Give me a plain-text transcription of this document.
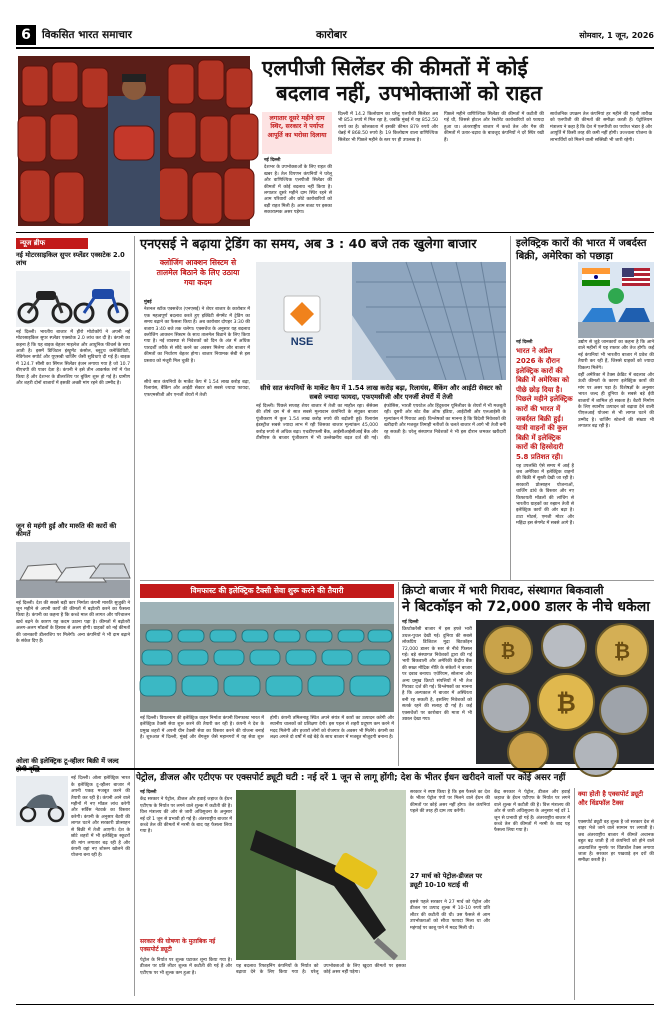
6	विकसित भारत समाचार	कारोबार	सोमवार, 1 जून, 2026
एलपीजी सिलेंडर की कीमतों में कोई
बदलाव नहीं, उपभोक्ताओं को राहत
लगातार दूसरे महीने दाम स्थिर, सरकार ने पर्याप्त आपूर्ति का भरोसा दिलाया

नई दिल्ली

देशभर के उपभोक्ताओं के लिए राहत की खबर है। तेल विपणन कंपनियों ने घरेलू और वाणिज्यिक एलपीजी सिलेंडर की कीमतों में कोई बदलाव नहीं किया है। लगातार दूसरे महीने दाम स्थिर रहने से आम परिवारों और छोटे कारोबारियों को बड़ी राहत मिली है। आम बजट पर इसका सकारात्मक असर पड़ेगा।

दिल्ली में 14.2 किलोग्राम का घरेलू एलपीजी सिलेंडर अब भी 853 रुपये में मिल रहा है, जबकि मुंबई में यह 852.50 रुपये का है। कोलकाता में इसकी कीमत 879 रुपये और चेन्नई में 868.50 रुपये है। 19 किलोग्राम वाला वाणिज्यिक सिलेंडर भी पिछले महीने के स्तर पर ही उपलब्ध है।

पिछले महीने वाणिज्यिक सिलेंडर की कीमतों में कटौती की गई थी, जिससे होटल और रेस्टोरेंट कारोबारियों को फायदा हुआ था। अंतरराष्ट्रीय बाजार में कच्चे तेल और गैस की कीमतों में उतार-चढ़ाव के बावजूद कंपनियों ने दरें स्थिर रखी हैं।

सार्वजनिक उपक्रम तेल कंपनियां हर महीने की पहली तारीख को एलपीजी की कीमतों की समीक्षा करती हैं। पेट्रोलियम मंत्रालय ने कहा है कि देश में एलपीजी का पर्याप्त भंडार है और आपूर्ति में किसी तरह की कमी नहीं होगी। उज्ज्वला योजना के लाभार्थियों को मिलने वाली सब्सिडी भी जारी रहेगी।

न्यूज ब्रीफ
नई मोटरसाइकिल सुपर स्प्लेंडर एक्सटेक 2.0 लांच
नई दिल्ली। भारतीय बाजार में हीरो मोटोकॉर्प ने अपनी नई मोटरसाइकिल सुपर स्प्लेंडर एक्सटेक 2.0 लांच कर दी है। कंपनी का कहना है कि यह बाइक बेहतर माइलेज और आधुनिक फीचर्स के साथ आती है। इसमें डिजिटल इंस्ट्रूमेंट कंसोल, ब्लूटूथ कनेक्टिविटी, नेविगेशन सपोर्ट और यूएसबी चार्जिंग जैसी सुविधाएं दी गई हैं। बाइक में 124.7 सीसी का सिंगल सिलेंडर इंजन लगाया गया है जो 10.7 बीएचपी की पावर देता है। कंपनी ने इसे तीन आकर्षक रंगों में पेश किया है और देशभर के डीलरशिप पर बुकिंग शुरू हो गई है। ग्रामीण और शहरी दोनों बाजारों में इसकी अच्छी मांग रहने की उम्मीद है।
जून से महंगी हुईं और मारुति की कारों की कीमतें
नई दिल्ली। देश की सबसे बड़ी कार निर्माता कंपनी मारुति सुजुकी ने जून महीने से अपनी कारों की कीमतों में बढ़ोतरी करने का फैसला किया है। कंपनी का कहना है कि कच्चे माल की लागत और परिचालन खर्च बढ़ने के कारण यह कदम उठाना पड़ा है। कीमतों में बढ़ोतरी अलग-अलग मॉडलों के हिसाब से अलग होगी। ग्राहकों को नई कीमतों की जानकारी डीलरशिप पर मिलेगी। अन्य कंपनियों ने भी दाम बढ़ाने के संकेत दिए हैं।
ओला की इलेक्ट्रिक टू-व्हीलर बिक्री में जल्द
नई दिल्ली। ओला इलेक्ट्रिक भारत के इलेक्ट्रिक टू-व्हीलर बाजार में अपनी पकड़ मजबूत करने की तैयारी कर रही है। कंपनी आने वाले महीनों में नए मॉडल लांच करेगी और सर्विस नेटवर्क का विस्तार करेगी। कंपनी के अनुसार बैटरी की लागत घटने और सरकारी प्रोत्साहन से बिक्री में तेजी आएगी। देश के छोटे शहरों में भी इलेक्ट्रिक स्कूटरों की मांग लगातार बढ़ रही है और कंपनी वहां नए शोरूम खोलने की योजना बना रही है।
एनएसई ने बढ़ाया ट्रेडिंग का समय, अब 3 : 40 बजे तक खुलेगा बाजार
क्लोजिंग आक्शन सिस्टम से तालमेल बिठाने के लिए उठाया गया कदम

मुंबई

नेशनल स्टॉक एक्सचेंज (एनएसई) ने शेयर बाजार के कारोबार में एक महत्वपूर्ण बदलाव करते हुए इक्विटी सेगमेंट में ट्रेडिंग का समय बढ़ाने का फैसला किया है। अब कारोबार दोपहर 3:30 की बजाय 3:40 बजे तक चलेगा। एक्सचेंज के अनुसार यह बदलाव क्लोजिंग आक्शन सिस्टम के साथ तालमेल बिठाने के लिए किया गया है। नई व्यवस्था से निवेशकों को दिन के अंत में अधिक पारदर्शी तरीके से सौदे करने का अवसर मिलेगा और बाजार में कीमतों का निर्धारण बेहतर होगा। बाजार नियामक सेबी से इस प्रस्ताव को मंजूरी मिल चुकी है।

सीधे सात कंपनियों के मार्केट कैप में 1.54 लाख करोड़ बढ़ा, रिलायंस, बैंकिंग और आईटी सेक्टर को सबसे ज्यादा फायदा, एफएमसीजी और एनर्जी शेयरों में तेजी

NSE
सीधे सात कंपनियों के मार्केट कैप में 1.54 लाख करोड़ बढ़ा, रिलायंस, बैंकिंग और आईटी सेक्टर को सबसे ज्यादा फायदा, एफएमसीजी और एनर्जी शेयरों में तेजी
नई दिल्ली। पिछले सप्ताह शेयर बाजार में तेजी का माहौल रहा। सेंसेक्स की शीर्ष दस में से सात सबसे मूल्यवान कंपनियों के संयुक्त बाजार पूंजीकरण में कुल 1.54 लाख करोड़ रुपये की बढ़ोतरी हुई। रिलायंस इंडस्ट्रीज सबसे ज्यादा लाभ में रही जिसका बाजार मूल्यांकन 45,000 करोड़ रुपये से अधिक बढ़ा। एचडीएफसी बैंक, आईसीआईसीआई बैंक और टीसीएस के बाजार पूंजीकरण में भी उल्लेखनीय बढ़त दर्ज की गई। इंफोसिस, भारती एयरटेल और हिंदुस्तान यूनिलीवर के शेयरों में भी मजबूती रही। दूसरी ओर स्टेट बैंक ऑफ इंडिया, आईटीसी और एलआईसी के मूल्यांकन में गिरावट आई। विश्लेषकों का मानना है कि विदेशी निवेशकों की खरीदारी और मजबूत तिमाही नतीजों के चलते बाजार में आगे भी तेजी बनी रह सकती है। घरेलू संस्थागत निवेशकों ने भी इस दौरान जमकर खरीदारी की।
इलेक्ट्रिक कारों की भारत में जबर्दस्त बिक्री, अमेरिका को पछाड़ा

नई दिल्ली

भारत ने अप्रैल 2026 के दौरान इलेक्ट्रिक कारों की बिक्री में अमेरिका को पीछे छोड़ दिया है। पिछले महीने इलेक्ट्रिक कारों की भारत में जबर्दस्त बिक्री हुई। यात्री वाहनों की कुल बिक्री में इलेक्ट्रिक कारों की हिस्सेदारी 5.8 प्रतिशत रही।

यह उपलब्धि ऐसे समय में आई है जब अमेरिका में इलेक्ट्रिक वाहनों की बिक्री में सुस्ती देखी जा रही है। सरकारी प्रोत्साहन योजनाओं, चार्जिंग ढांचे के विस्तार और नए किफायती मॉडलों की लांचिंग से भारतीय ग्राहकों का रुझान तेजी से इलेक्ट्रिक कारों की ओर बढ़ा है। टाटा मोटर्स, एमजी मोटर और महिंद्रा इस सेगमेंट में सबसे आगे हैं।

उद्योग से जुड़े जानकारों का कहना है कि आने वाले महीनों में यह रफ्तार और तेज होगी। कई नई कंपनियां भी भारतीय बाजार में प्रवेश की तैयारी कर रही हैं, जिससे ग्राहकों को ज्यादा विकल्प मिलेंगे।

वहीं अमेरिका में टैक्स क्रेडिट में बदलाव और ऊंची कीमतों के कारण इलेक्ट्रिक कारों की मांग पर असर पड़ा है। विशेषज्ञों के अनुसार भारत जल्द ही दुनिया के सबसे बड़े ईवी बाजारों में शामिल हो सकता है। बैटरी निर्माण के लिए स्थानीय उत्पादन को बढ़ावा देने वाली पीएलआई योजना से भी लागत घटने की उम्मीद है। चार्जिंग स्टेशनों की संख्या भी लगातार बढ़ रही है।

विमफास्ट की इलेक्ट्रिक टैक्सी सेवा शुरू करने की तैयारी
नई दिल्ली। वियतनाम की इलेक्ट्रिक वाहन निर्माता कंपनी विनफास्ट भारत में इलेक्ट्रिक टैक्सी सेवा शुरू करने की तैयारी कर रही है। कंपनी ने देश के प्रमुख शहरों में अपनी ग्रीन टैक्सी सेवा का विस्तार करने की योजना बनाई है। शुरुआत में दिल्ली, मुंबई और बेंगलुरु जैसे महानगरों में यह सेवा शुरू होगी। कंपनी तमिलनाडु स्थित अपने संयंत्र में कारों का उत्पादन करेगी और स्थानीय चालकों को प्रशिक्षण देगी। इस पहल से शहरी प्रदूषण कम करने में मदद मिलेगी और हजारों लोगों को रोजगार के अवसर भी मिलेंगे। कंपनी का लक्ष्य अगले दो वर्षों में बड़े बेड़े के साथ बाजार में मजबूत मौजूदगी बनाना है।
क्रिप्टो बाजार में भारी गिरावट, संस्थागत बिकवाली
ने बिटकॉइन को 72,000 डालर के नीचे धकेला

नई दिल्ली

क्रिप्टोकरेंसी बाजार में इस हफ्ते भारी उथल-पुथल देखी गई। दुनिया की सबसे लोकप्रिय डिजिटल मुद्रा बिटकॉइन 72,000 डालर के स्तर से नीचे फिसल गई। बड़े संस्थागत निवेशकों द्वारा की गई भारी बिकवाली और अमेरिकी केंद्रीय बैंक की सख्त मौद्रिक नीति के संकेतों ने बाजार पर दबाव बनाया। एथेरियम, सोलाना और अन्य प्रमुख क्रिप्टो संपत्तियों में भी तेज गिरावट दर्ज की गई। विश्लेषकों का मानना है कि अल्पकाल में बाजार में अस्थिरता बनी रह सकती है, इसलिए निवेशकों को सतर्क रहने की सलाह दी गई है। कई एक्सचेंजों पर कारोबार की मात्रा में भी उछाल देखा गया।

₿
₿
₿
पेट्रोल, डीजल और एटीएफ पर एक्सपोर्ट ड्यूटी घटी : नई दरें 1 जून से लागू होंगी; देश के भीतर ईंधन खरीदने वालों पर कोई असर नहीं

नई दिल्ली

केंद्र सरकार ने पेट्रोल, डीजल और हवाई जहाज के ईंधन एटीएफ के निर्यात पर लगने वाले शुल्क में कटौती की है। वित्त मंत्रालय की ओर से जारी अधिसूचना के अनुसार नई दरें 1 जून से प्रभावी हो गई हैं। अंतरराष्ट्रीय बाजार में कच्चे तेल की कीमतों में नरमी के बाद यह फैसला लिया गया है।

सरकार की घोषणा के मुताबिक नई एक्सपोर्ट ड्यूटी
पेट्रोल के निर्यात पर शुल्क घटाकर शून्य किया गया है। डीजल पर प्रति लीटर शुल्क में कटौती की गई है और एटीएफ पर भी शुल्क कम हुआ है।
यह बदलाव रिफाइनिंग कंपनियों के निर्यात को बढ़ावा देने के लिए किया गया है। घरेलू उपभोक्ताओं के लिए खुदरा कीमतों पर इसका कोई असर नहीं पड़ेगा।

सरकार ने स्पष्ट किया है कि इस फैसले का देश के भीतर पेट्रोल पंपों पर मिलने वाले ईंधन की कीमतों पर कोई असर नहीं होगा। तेल कंपनियां पहले की तरह ही दाम तय करेंगी।

27 मार्च को पेट्रोल-डीजल पर ड्यूटी 10-10 घटाई थी
इससे पहले सरकार ने 27 मार्च को पेट्रोल और डीजल पर उत्पाद शुल्क में 10-10 रुपये प्रति लीटर की कटौती की थी। उस फैसले से आम उपभोक्ताओं को सीधा फायदा मिला था और महंगाई पर काबू पाने में मदद मिली थी।

केंद्र सरकार ने पेट्रोल, डीजल और हवाई जहाज के ईंधन एटीएफ के निर्यात पर लगने वाले शुल्क में कटौती की है। वित्त मंत्रालय की ओर से जारी अधिसूचना के अनुसार नई दरें 1 जून से प्रभावी हो गई हैं। अंतरराष्ट्रीय बाजार में कच्चे तेल की कीमतों में नरमी के बाद यह फैसला लिया गया है।

क्या होती है एक्सपोर्ट ड्यूटी और विंडफॉल टैक्स
एक्सपोर्ट ड्यूटी वह शुल्क है जो सरकार देश से बाहर भेजे जाने वाले सामान पर लगाती है। जब अंतरराष्ट्रीय बाजार में कीमतें अचानक बहुत बढ़ जाती हैं तो कंपनियों को होने वाले अप्रत्याशित मुनाफे पर विंडफॉल टैक्स लगाया जाता है। सरकार हर पखवाड़े इन दरों की समीक्षा करती है।
